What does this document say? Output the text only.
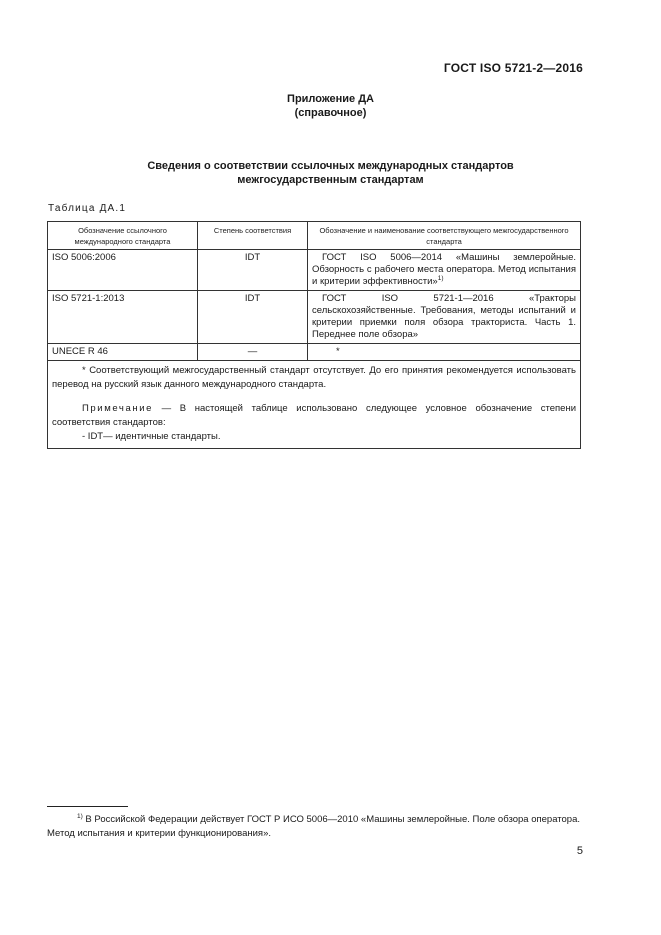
ГОСТ ISO 5721-2—2016
Приложение ДА
(справочное)
Сведения о соответствии ссылочных международных стандартов
межгосударственным стандартам
Таблица ДА.1
Обозначение ссылочного международного стандарта	Степень соответствия	Обозначение и наименование соответствующего межгосударственного стандарта
ISO 5006:2006	IDT	ГОСТ ISO 5006—2014 «Машины землеройные. Обзорность с рабочего места оператора. Метод испытания и критерии эффективности»$^{1)}$

ISO 5721-1:2013	IDT	ГОСТ ISO 5721-1—2016 «Тракторы сельскохозяйственные. Требования, методы испытаний и критерии приемки поля обзора тракториста. Часть 1. Переднее поле обзора»

UNECE R 46	—	*

* Соответствующий межгосударственный стандарт отсутствует. До его принятия рекомендуется использовать перевод на русский язык данного международного стандарта.

Примечание — В настоящей таблице использовано следующее условное обозначение степени соответствия стандартов:

- IDT— идентичные стандарты.		

$^{1)}$ В Российской Федерации действует ГОСТ Р ИСО 5006—2010 «Машины землеройные. Поле обзора оператора. Метод испытания и критерии функционирования».
5
